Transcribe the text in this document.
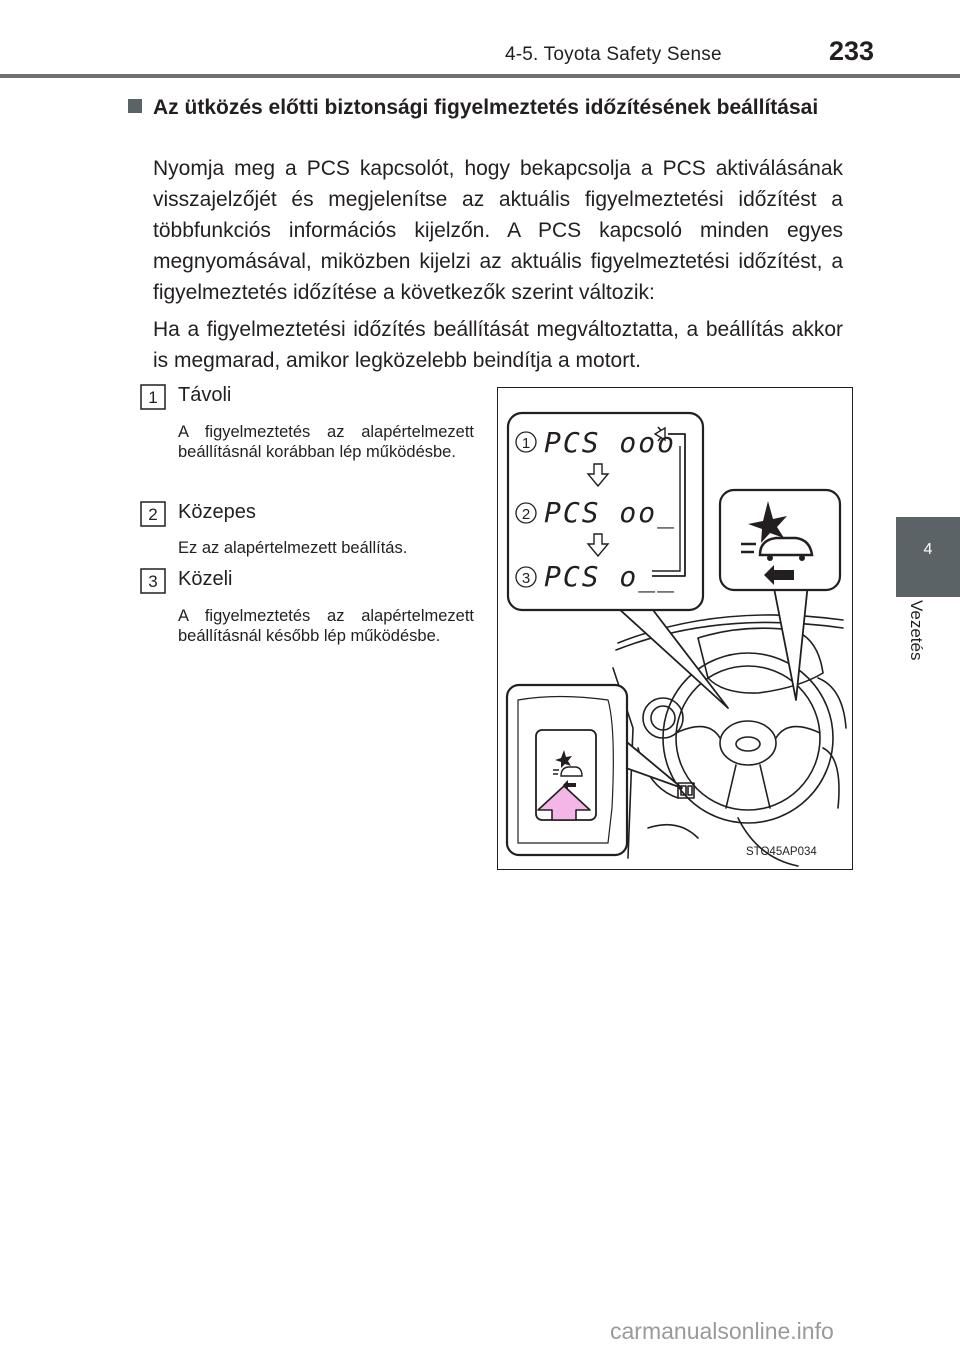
4-5. Toyota Safety Sense	233
4
Vezetés
Az ütközés előtti biztonsági figyelmeztetés időzítésének beállításai
Nyomja meg a PCS kapcsolót, hogy bekapcsolja a PCS aktiválásának visszajelzőjét és megjelenítse az aktuális figyelmeztetési időzítést a többfunkciós információs kijelzőn. A PCS kapcsoló minden egyes megnyomásával, miközben kijelzi az aktuális figyelmeztetési időzítést, a figyelmeztetés időzítése a következők szerint változik:
Ha a figyelmeztetési időzítés beállítását megváltoztatta, a beállítás akkor is megmarad, amikor legközelebb beindítja a motort.
1 Távoli
A figyelmeztetés az alapértelmezett beállításnál korábban lép működésbe.
2 Közepes
Ez az alapértelmezett beállítás.
3 Közeli
A figyelmeztetés az alapértelmezett beállításnál később lép működésbe.
1
2
3
PCS ooo
PCS oo_
PCS o__
STO45AP034
carmanualsonline.info
